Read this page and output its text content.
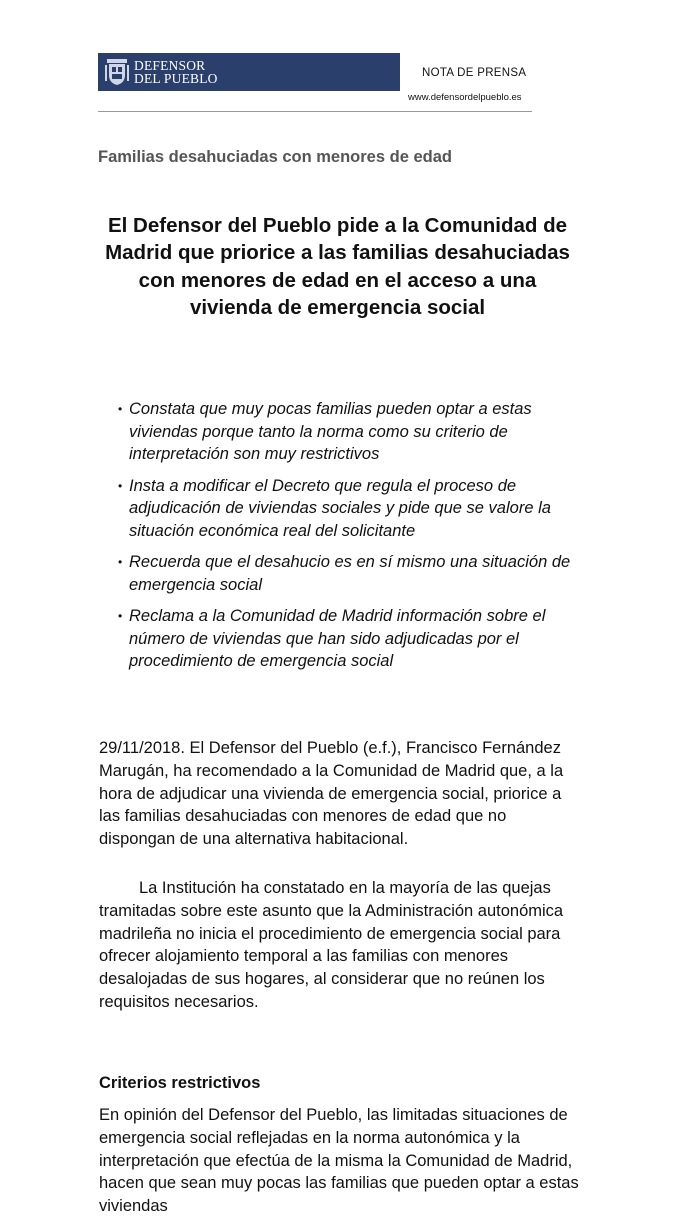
DEFENSOR
DEL PUEBLO	NOTA DE PRENSA
www.defensordelpueblo.es
Familias desahuciadas con menores de edad
El Defensor del Pueblo pide a la Comunidad de Madrid que priorice a las familias desahuciadas con menores de edad en el acceso a una vivienda de emergencia social
• Constata que muy pocas familias pueden optar a estas viviendas porque tanto la norma como su criterio de interpretación son muy restrictivos
• Insta a modificar el Decreto que regula el proceso de adjudicación de viviendas sociales y pide que se valore la situación económica real del solicitante
• Recuerda que el desahucio es en sí mismo una situación de emergencia social
• Reclama a la Comunidad de Madrid información sobre el número de viviendas que han sido adjudicadas por el procedimiento de emergencia social

29/11/2018. El Defensor del Pueblo (e.f.), Francisco Fernández Marugán, ha recomendado a la Comunidad de Madrid que, a la hora de adjudicar una vivienda de emergencia social, priorice a las familias desahuciadas con menores de edad que no dispongan de una alternativa habitacional.

La Institución ha constatado en la mayoría de las quejas tramitadas sobre este asunto que la Administración autonómica madrileña no inicia el procedimiento de emergencia social para ofrecer alojamiento temporal a las familias con menores desalojadas de sus hogares, al considerar que no reúnen los requisitos necesarios.

Criterios restrictivos

En opinión del Defensor del Pueblo, las limitadas situaciones de emergencia social reflejadas en la norma autonómica y la interpretación que efectúa de la misma la Comunidad de Madrid, hacen que sean muy pocas las familias que pueden optar a estas viviendas
